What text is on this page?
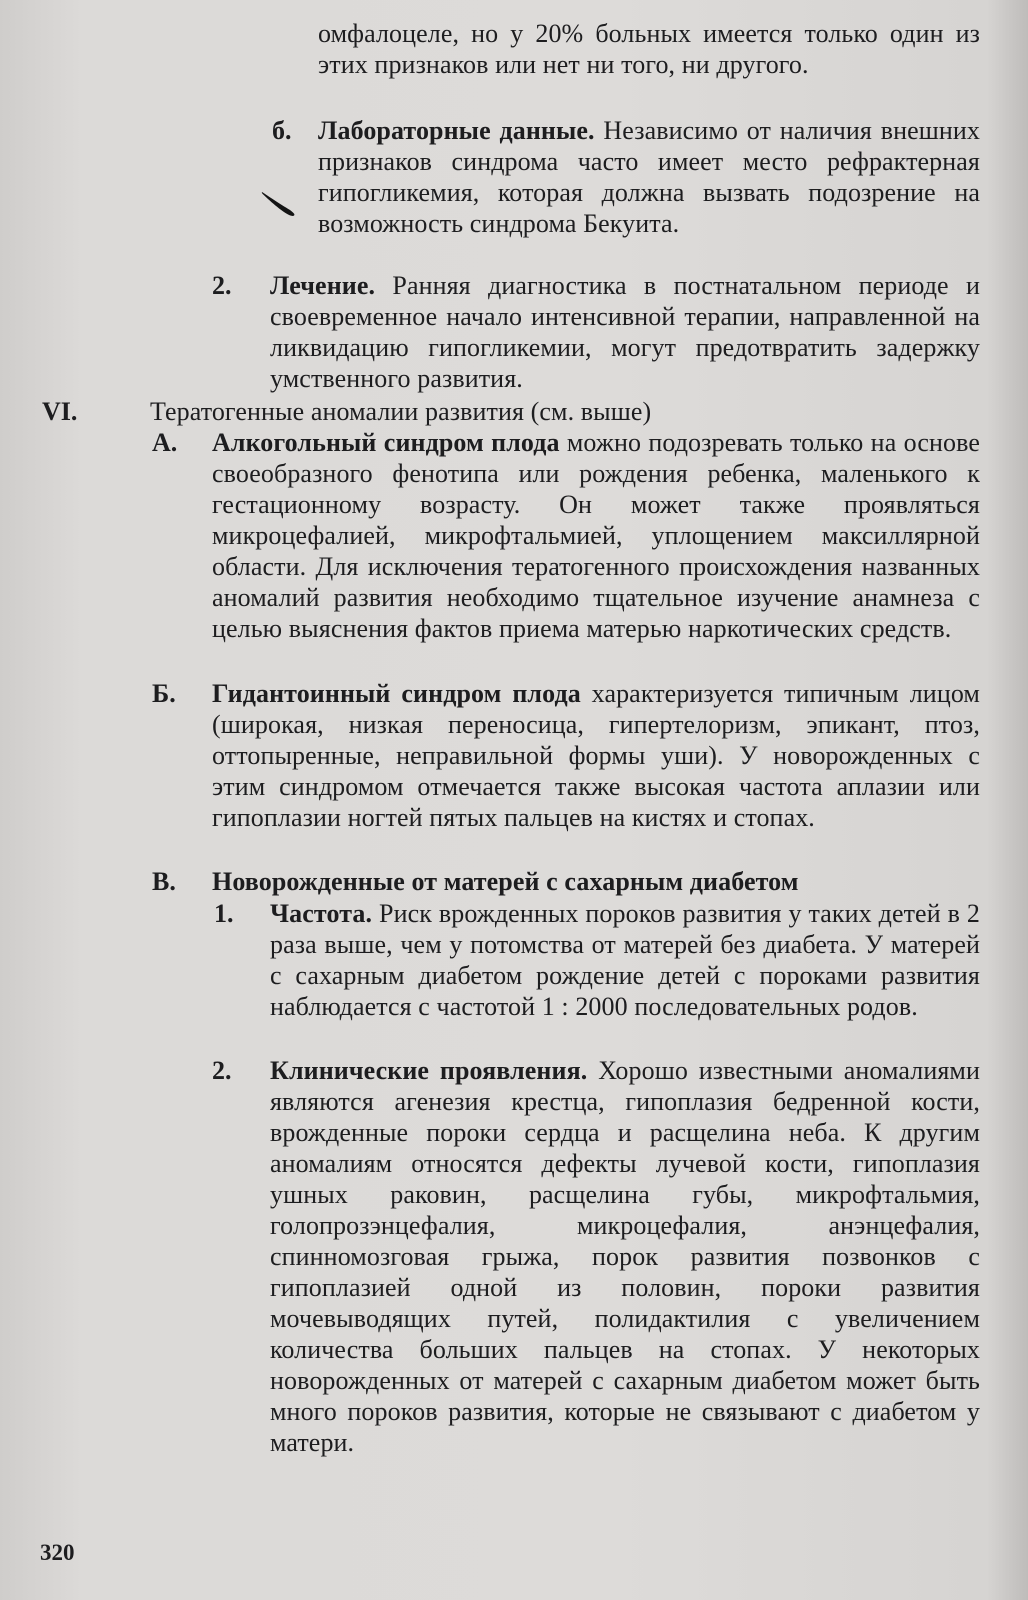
омфалоцеле, но у 20% больных имеется только один из этих признаков или нет ни того, ни другого.
б. Лабораторные данные. Независимо от наличия внешних признаков синдрома часто имеет место рефрактерная гипогликемия, которая должна вызвать подозрение на возможность синдрома Бекуита.
2. Лечение. Ранняя диагностика в постнатальном периоде и своевременное начало интенсивной терапии, направленной на ликвидацию гипогликемии, могут предотвратить задержку умственного развития.
VI.	Тератогенные аномалии развития (см. выше)
А. Алкогольный синдром плода можно подозревать только на основе своеобразного фенотипа или рождения ребенка, маленького к гестационному возрасту. Он может также проявляться микроцефалией, микрофтальмией, уплощением максиллярной области. Для исключения тератогенного происхождения названных аномалий развития необходимо тщательное изучение анамнеза с целью выяснения фактов приема матерью наркотических средств.
Б. Гидантоинный синдром плода характеризуется типичным лицом (широкая, низкая переносица, гипертелоризм, эпикант, птоз, оттопыренные, неправильной формы уши). У новорожденных с этим синдромом отмечается также высокая частота аплазии или гипоплазии ногтей пятых пальцев на кистях и стопах.
В. Новорожденные от матерей с сахарным диабетом
1. Частота. Риск врожденных пороков развития у таких детей в 2 раза выше, чем у потомства от матерей без диабета. У матерей с сахарным диабетом рождение детей с пороками развития наблюдается с частотой 1 : 2000 последовательных родов.
2. Клинические проявления. Хорошо известными аномалиями являются агенезия крестца, гипоплазия бедренной кости, врожденные пороки сердца и расщелина неба. К другим аномалиям относятся дефекты лучевой кости, гипоплазия ушных раковин, расщелина губы, микрофтальмия, голопрозэнцефалия, микроцефалия, анэнцефалия, спинномозговая грыжа, порок развития позвонков с гипоплазией одной из половин, пороки развития мочевыводящих путей, полидактилия с увеличением количества больших пальцев на стопах. У некоторых новорожденных от матерей с сахарным диабетом может быть много пороков развития, которые не связывают с диабетом у матери.
320
